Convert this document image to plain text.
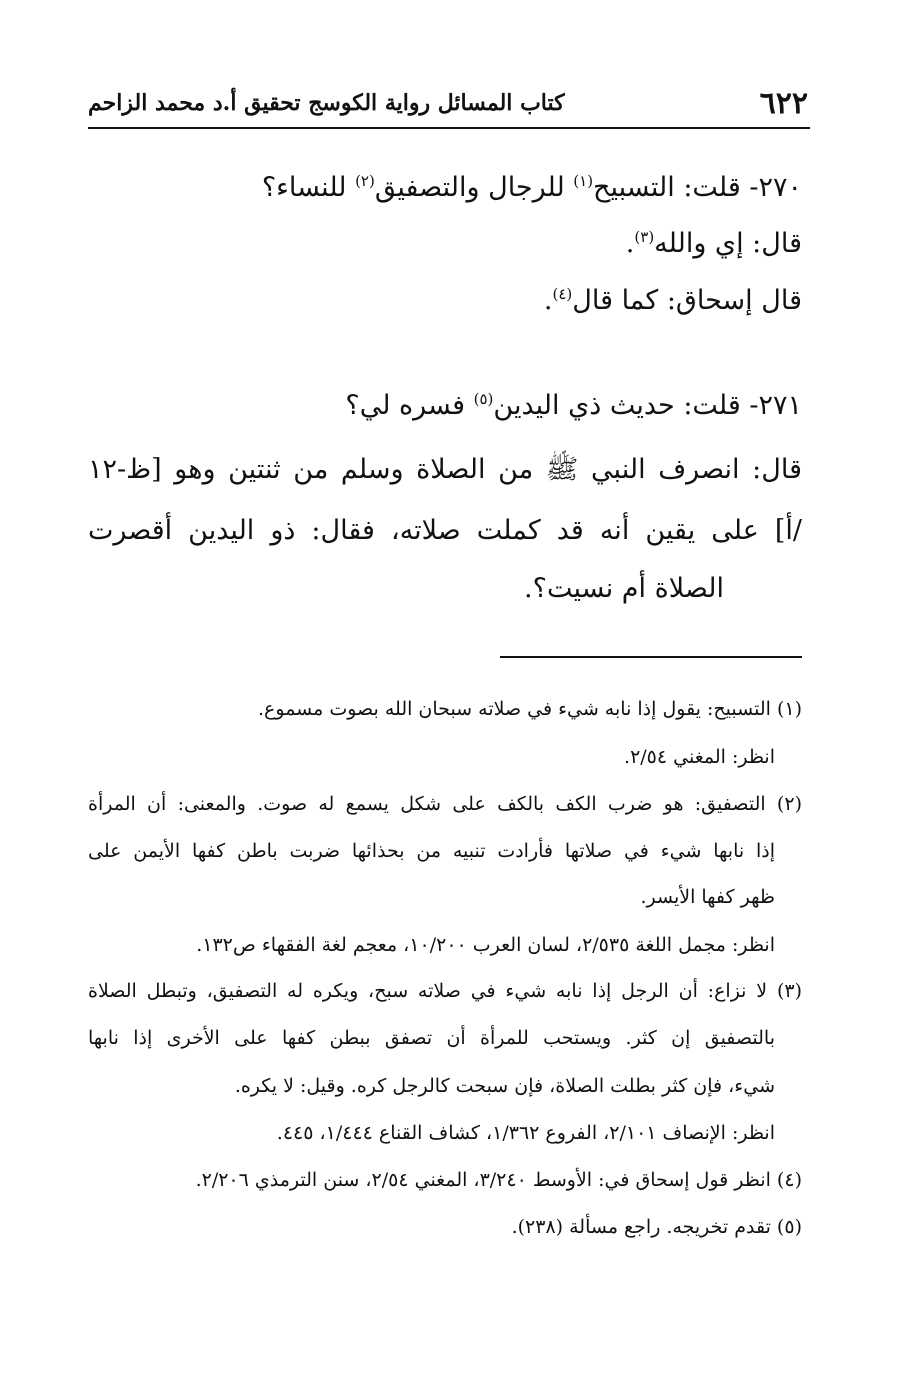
٦٢٢
كتاب المسائل رواية الكوسج تحقيق أ.د محمد الزاحم
٢٧٠- قلت: التسبيح$^{(١)}$ للرجال والتصفيق$^{(٢)}$ للنساء؟
قال: إي والله$^{(٣)}$.
قال إسحاق: كما قال$^{(٤)}$.
٢٧١- قلت: حديث ذي اليدين$^{(٥)}$ فسره لي؟
قال: انصرف النبي ﷺ من الصلاة وسلم من ثنتين وهو [ظ-١٢
/أ] على يقين أنه قد كملت صلاته، فقال: ذو اليدين أقصرت
الصلاة أم نسيت؟.
(١) التسبيح: يقول إذا نابه شيء في صلاته سبحان الله بصوت مسموع.
انظر: المغني ٢/٥٤.
(٢) التصفيق: هو ضرب الكف بالكف على شكل يسمع له صوت. والمعنى: أن المرأة
إذا نابها شيء في صلاتها فأرادت تنبيه من بحذائها ضربت باطن كفها الأيمن على
ظهر كفها الأيسر.
انظر: مجمل اللغة ٢/٥٣٥، لسان العرب ١٠/٢٠٠، معجم لغة الفقهاء ص١٣٢.
(٣) لا نزاع: أن الرجل إذا نابه شيء في صلاته سبح، ويكره له التصفيق، وتبطل الصلاة
بالتصفيق إن كثر. ويستحب للمرأة أن تصفق ببطن كفها على الأخرى إذا نابها
شيء، فإن كثر بطلت الصلاة، فإن سبحت كالرجل كره. وقيل: لا يكره.
انظر: الإنصاف ٢/١٠١، الفروع ١/٣٦٢، كشاف القناع ١/٤٤٤، ٤٤٥.
(٤) انظر قول إسحاق في: الأوسط ٣/٢٤٠، المغني ٢/٥٤، سنن الترمذي ٢/٢٠٦.
(٥) تقدم تخريجه. راجع مسألة (٢٣٨).
